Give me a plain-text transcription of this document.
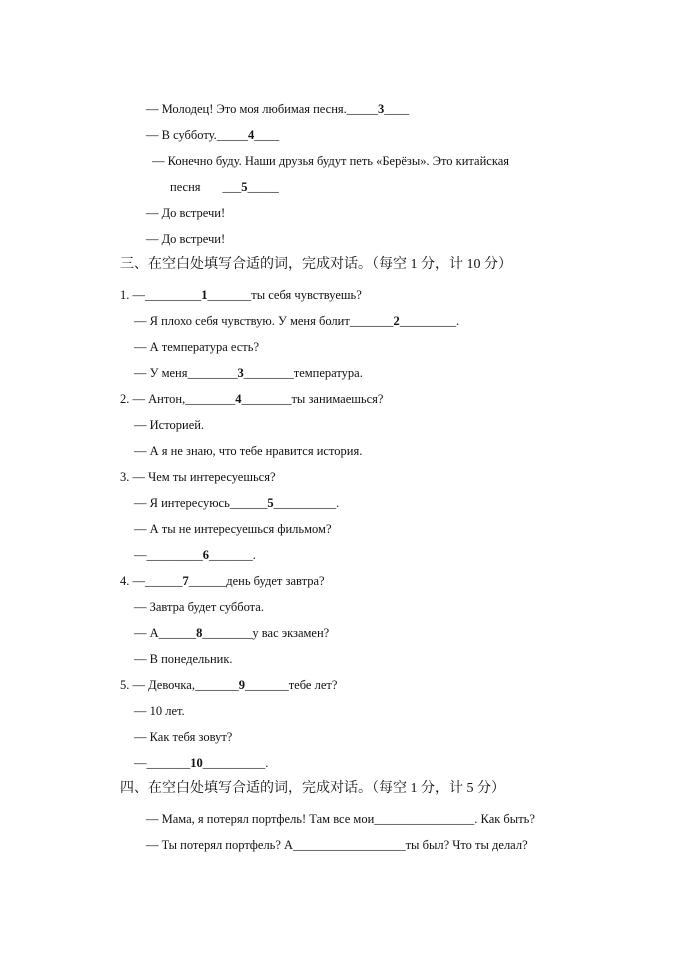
— Молодец! Это моя любимая песня._____3____
— В субботу._____4____
— Конечно буду. Наши друзья будут петь «Берёзы». Это китайская
песня ___5_____
— До встречи!
— До встречи!
三、在空白处填写合适的词，完成对话。（每空 1 分，计 10 分）
1. —_________1_______ты себя чувствуешь?
— Я плохо себя чувствую. У меня болит_______2_________.
— А температура есть?
— У меня________3________температура.
2. — Антон,________4________ты занимаешься?
— Историей.
— А я не знаю, что тебе нравится история.
3. — Чем ты интересуешься?
— Я интересуюсь______5__________.
— А ты не интересуешься фильмом?
—_________6_______.
4. —______7______день будет завтра?
— Завтра будет суббота.
— А______8________у вас экзамен?
— В понедельник.
5. — Девочка,_______9_______тебе лет?
— 10 лет.
— Как тебя зовут?
—_______10__________.
四、在空白处填写合适的词，完成对话。（每空 1 分，计 5 分）
— Мама, я потерял портфель! Там все мои________________. Как быть?
— Ты потерял портфель? А__________________ты был? Что ты делал?
